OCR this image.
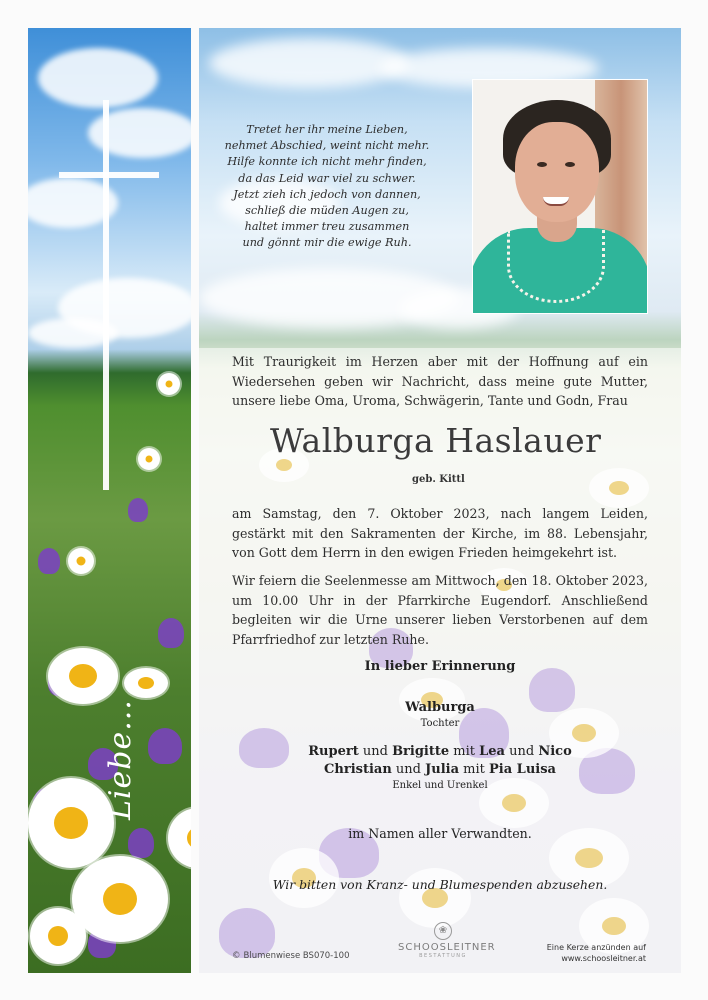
Liebe...
Tretet her ihr meine Lieben,
nehmet Abschied, weint nicht mehr.
Hilfe konnte ich nicht mehr finden,
da das Leid war viel zu schwer.
Jetzt zieh ich jedoch von dannen,
schließ die müden Augen zu,
haltet immer treu zusammen
und gönnt mir die ewige Ruh.
Mit Traurigkeit im Herzen aber mit der Hoffnung auf ein Wiedersehen geben wir Nachricht, dass meine gute Mutter, unsere liebe Oma, Uroma, Schwägerin, Tante und Godn, Frau
Walburga Haslauer
geb. Kittl
am Samstag, den 7. Oktober 2023, nach langem Leiden, gestärkt mit den Sakramenten der Kirche, im 88. Lebensjahr, von Gott dem Herrn in den ewigen Frieden heimgekehrt ist.
Wir feiern die Seelenmesse am Mittwoch, den 18. Oktober 2023, um 10.00 Uhr in der Pfarrkirche Eugendorf. Anschließend begleiten wir die Urne unserer lieben Verstorbenen auf dem Pfarrfriedhof zur letzten Ruhe.
In lieber Erinnerung
Walburga
Tochter
Rupert und Brigitte mit Lea und Nico
Christian und Julia mit Pia Luisa
Enkel und Urenkel
im Namen aller Verwandten.
Wir bitten von Kranz- und Blumespenden abzusehen.
© Blumenwiese BS070-100
❀
SCHOOSLEITNER
BESTATTUNG
Eine Kerze anzünden auf
www.schoosleitner.at
